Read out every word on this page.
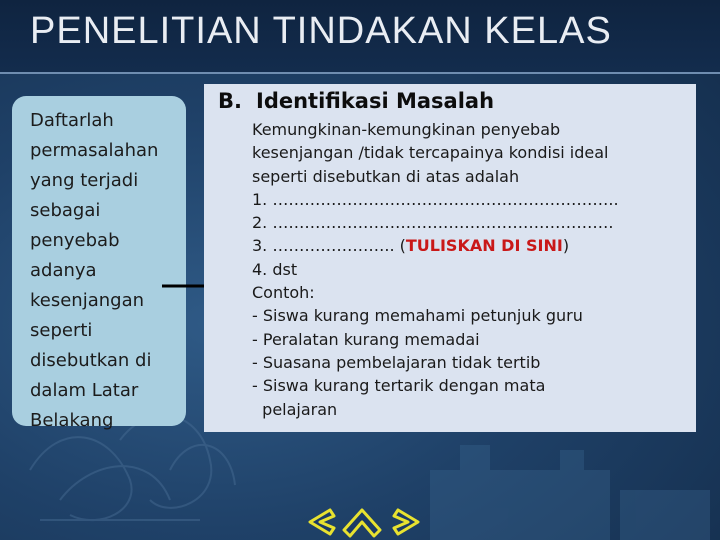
PENELITIAN TINDAKAN KELAS
Daftarlah
permasalahan
yang terjadi
sebagai
penyebab
adanya
kesenjangan
seperti
disebutkan di
dalam Latar
Belakang
B. Identifikasi Masalah
Kemungkinan-kemungkinan penyebab
kesenjangan /tidak tercapainya kondisi ideal
seperti disebutkan di atas adalah
1. ………………………………………………………..
2. ……………………………………………………….
3. ………………….. (TULISKAN DI SINI)
4. dst
Contoh:
- Siswa kurang memahami petunjuk guru
- Peralatan kurang memadai
- Suasana pembelajaran tidak tertib
- Siswa kurang tertarik dengan mata
pelajaran
